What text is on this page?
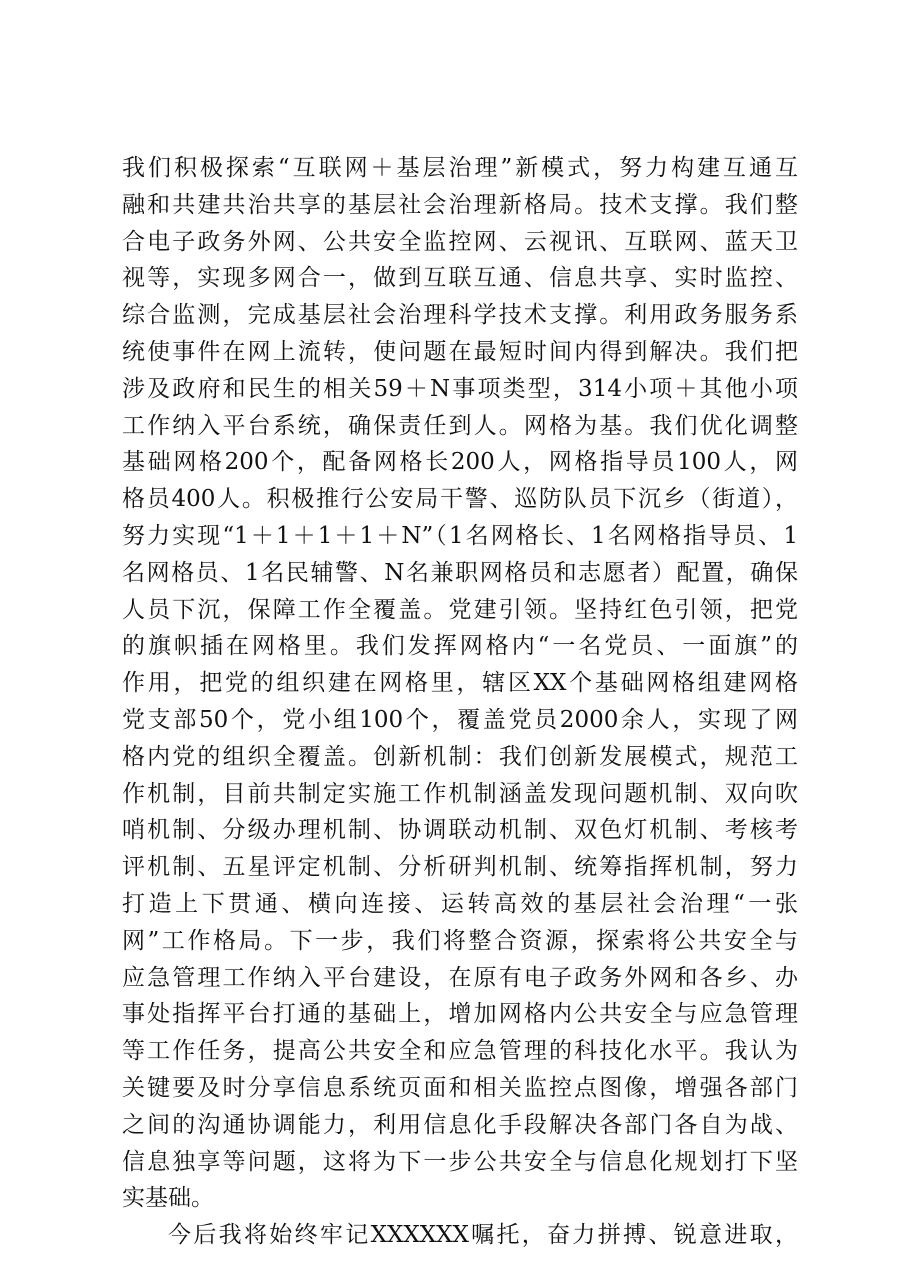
我们积极探索“互联网＋基层治理”新模式，努力构建互通互
融和共建共治共享的基层社会治理新格局。技术支撑。我们整
合电子政务外网、公共安全监控网、云视讯、互联网、蓝天卫
视等，实现多网合一，做到互联互通、信息共享、实时监控、
综合监测，完成基层社会治理科学技术支撑。利用政务服务系
统使事件在网上流转，使问题在最短时间内得到解决。我们把
涉及政府和民生的相关59＋N事项类型，314小项＋其他小项
工作纳入平台系统，确保责任到人。网格为基。我们优化调整
基础网格200个，配备网格长200人，网格指导员100人，网
格员400人。积极推行公安局干警、巡防队员下沉乡（街道），
努力实现“1＋1＋1＋1＋N”（1名网格长、1名网格指导员、1
名网格员、1名民辅警、N名兼职网格员和志愿者）配置，确保
人员下沉，保障工作全覆盖。党建引领。坚持红色引领，把党
的旗帜插在网格里。我们发挥网格内“一名党员、一面旗”的
作用，把党的组织建在网格里，辖区XX个基础网格组建网格
党支部50个，党小组100个，覆盖党员2000余人，实现了网
格内党的组织全覆盖。创新机制：我们创新发展模式，规范工
作机制，目前共制定实施工作机制涵盖发现问题机制、双向吹
哨机制、分级办理机制、协调联动机制、双色灯机制、考核考
评机制、五星评定机制、分析研判机制、统筹指挥机制，努力
打造上下贯通、横向连接、运转高效的基层社会治理“一张
网”工作格局。下一步，我们将整合资源，探索将公共安全与
应急管理工作纳入平台建设，在原有电子政务外网和各乡、办
事处指挥平台打通的基础上，增加网格内公共安全与应急管理
等工作任务，提高公共安全和应急管理的科技化水平。我认为
关键要及时分享信息系统页面和相关监控点图像，增强各部门
之间的沟通协调能力，利用信息化手段解决各部门各自为战、
信息独享等问题，这将为下一步公共安全与信息化规划打下坚
实基础。
今后我将始终牢记XXXXXX嘱托，奋力拼搏、锐意进取，
